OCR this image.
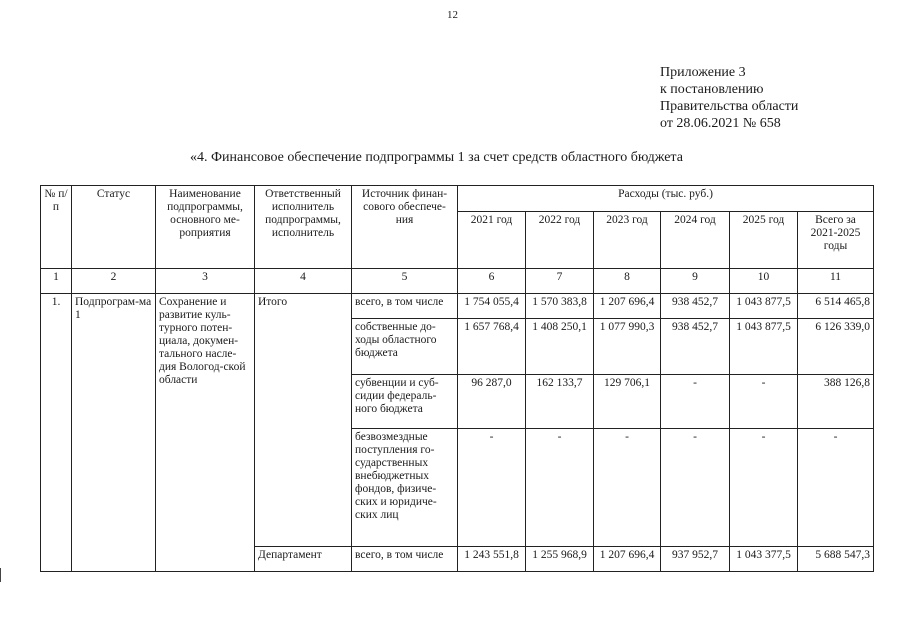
12
Приложение 3
к постановлению
Правительства области
от 28.06.2021 № 658
«4. Финансовое обеспечение подпрограммы 1 за счет средств областного бюджета
№ п/п	Статус	Наименование подпрограммы, основного ме-роприятия	Ответственный исполнитель подпрограммы, исполнитель	Источник финан-сового обеспече-ния	Расходы (тыс. руб.)					
					2021 год	2022 год	2023 год	2024 год	2025 год	Всего за 2021-2025 годы
1	2	3	4	5	6	7	8	9	10	11
1.	Подпрограм-ма 1	Сохранение и развитие куль-турного потен-циала, докумен-тального насле-дия Вологод-ской области	Итого	всего, в том числе	1 754 055,4	1 570 383,8	1 207 696,4	938 452,7	1 043 877,5	6 514 465,8
				собственные до-ходы областного бюджета	1 657 768,4	1 408 250,1	1 077 990,3	938 452,7	1 043 877,5	6 126 339,0
				субвенции и суб-сидии федераль-ного бюджета	96 287,0	162 133,7	129 706,1	-	-	388 126,8
				безвозмездные поступления го-сударственных внебюджетных фондов, физиче-ских и юридиче-ских лиц	-	-	-	-	-	-
			Департамент	всего, в том числе	1 243 551,8	1 255 968,9	1 207 696,4	937 952,7	1 043 377,5	5 688 547,3
